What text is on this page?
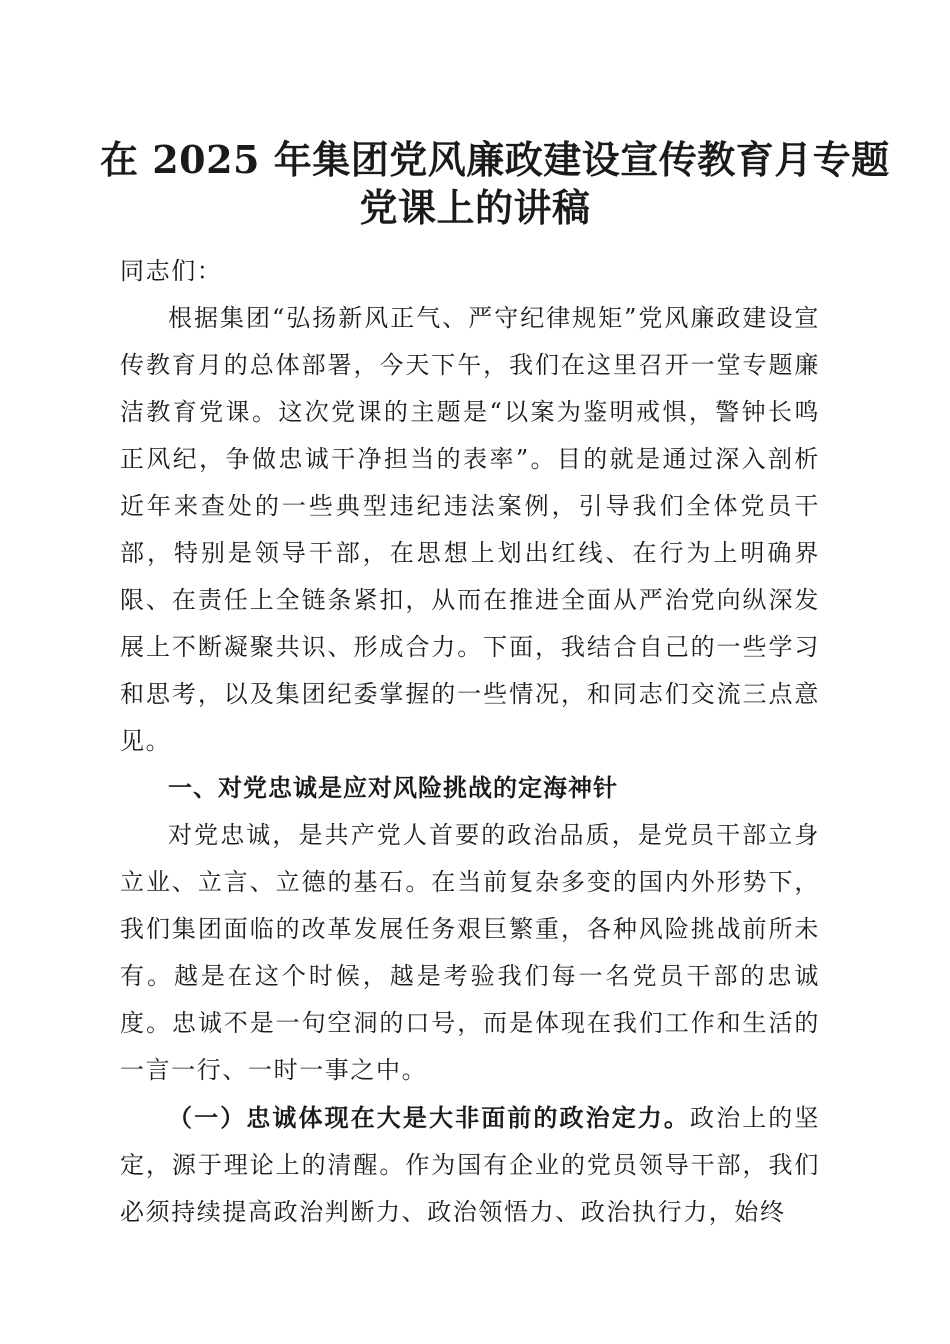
在 2025 年集团党风廉政建设宣传教育月专题
党课上的讲稿

同志们：

根据集团“弘扬新风正气、严守纪律规矩”党风廉政建设宣传教育月的总体部署，今天下午，我们在这里召开一堂专题廉洁教育党课。这次党课的主题是“以案为鉴明戒惧，警钟长鸣正风纪，争做忠诚干净担当的表率”。目的就是通过深入剖析近年来查处的一些典型违纪违法案例，引导我们全体党员干部，特别是领导干部，在思想上划出红线、在行为上明确界限、在责任上全链条紧扣，从而在推进全面从严治党向纵深发展上不断凝聚共识、形成合力。下面，我结合自己的一些学习和思考，以及集团纪委掌握的一些情况，和同志们交流三点意见。

一、对党忠诚是应对风险挑战的定海神针

对党忠诚，是共产党人首要的政治品质，是党员干部立身立业、立言、立德的基石。在当前复杂多变的国内外形势下，我们集团面临的改革发展任务艰巨繁重，各种风险挑战前所未有。越是在这个时候，越是考验我们每一名党员干部的忠诚度。忠诚不是一句空洞的口号，而是体现在我们工作和生活的一言一行、一时一事之中。

（一）忠诚体现在大是大非面前的政治定力。政治上的坚定，源于理论上的清醒。作为国有企业的党员领导干部，我们必须持续提高政治判断力、政治领悟力、政治执行力，始终
